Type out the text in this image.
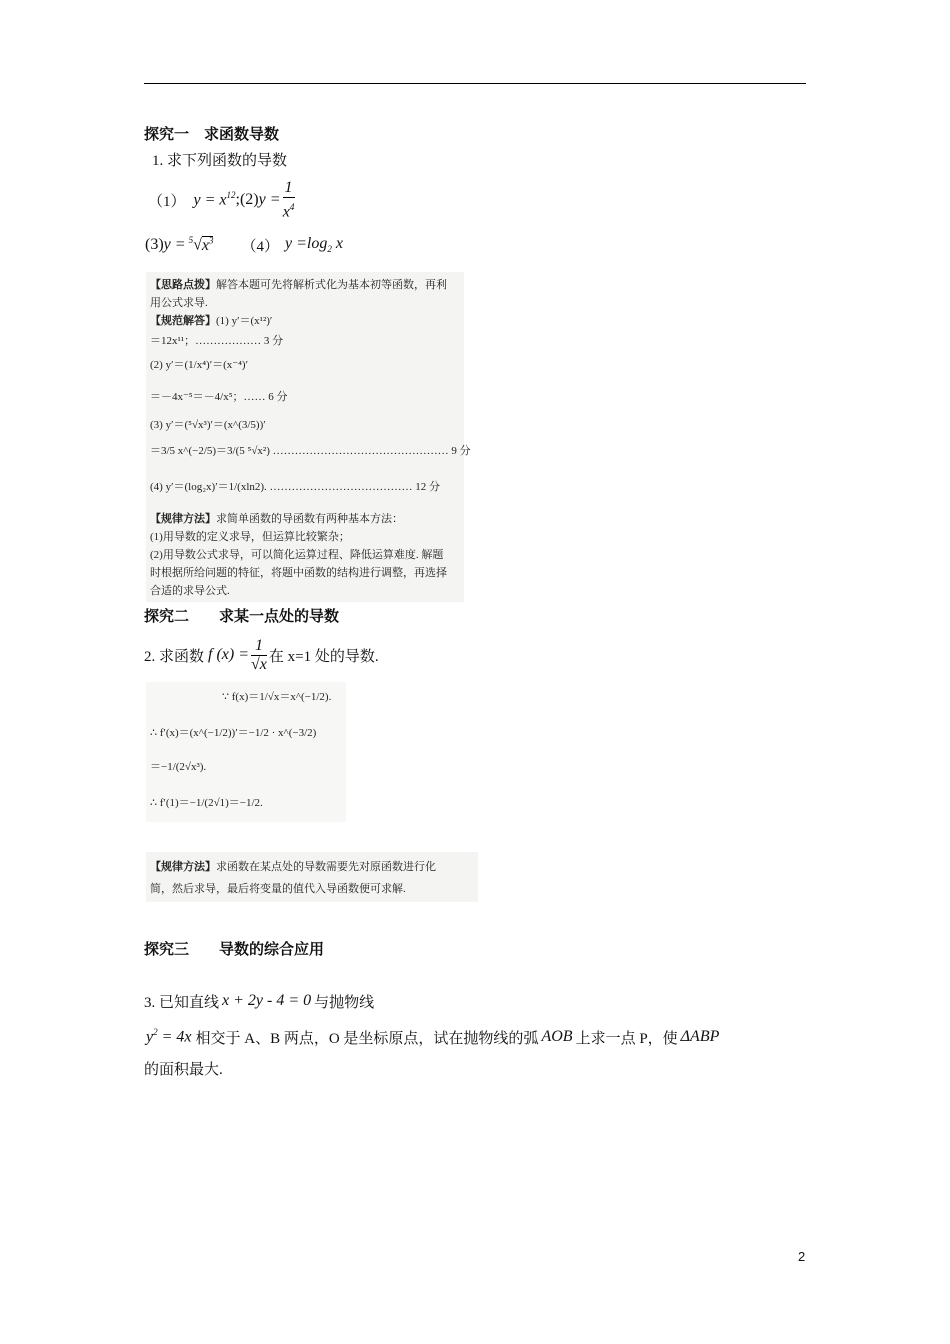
探究一　求函数导数
1. 求下列函数的导数
（1） $y = x^{12}$ ;(2) $y = \frac{1}{x^4}$
(3) $y = ^5√x^3$ （4） $y =\log_2$ x
【思路点拨】解答本题可先将解析式化为基本初等函数，再利
用公式求导.
【规范解答】(1) y′＝(x¹²)′
＝12x¹¹；……………… 3 分
(2) y′＝(1/x⁴)′＝(x⁻⁴)′
＝－4x⁻⁵＝－4/x⁵；…… 6 分
(3) y′＝(⁵√x³)′＝(x^(3/5))′
＝3/5 x^(−2/5)＝3/(5 ⁵√x²) ………………………………………… 9 分
(4) y′＝(log₂x)′＝1/(xln2). ………………………………… 12 分
【规律方法】求简单函数的导函数有两种基本方法：
(1)用导数的定义求导，但运算比较繁杂；
(2)用导数公式求导，可以简化运算过程、降低运算难度. 解题
时根据所给问题的特征，将题中函数的结构进行调整，再选择
合适的求导公式.
探究二　　求某一点处的导数
2. 求函数 f $(x) = \frac{1}{√x}$ 在 x=1 处的导数.
∵ f(x)＝1/√x＝x^(−1/2).
∴ f′(x)＝(x^(−1/2))′＝−1/2 · x^(−3/2)
＝−1/(2√x³).
∴ f′(1)＝−1/(2√1)＝−1/2.
【规律方法】求函数在某点处的导数需要先对原函数进行化
简，然后求导，最后将变量的值代入导函数便可求解.
探究三　　导数的综合应用
3. 已知直线 x + 2y - 4 = 0 与抛物线
$y^2 = 4x$ 相交于 A、B 两点，O 是坐标原点，试在抛物线的弧 AOB 上求一点 P，使 ΔABP
的面积最大.
2
